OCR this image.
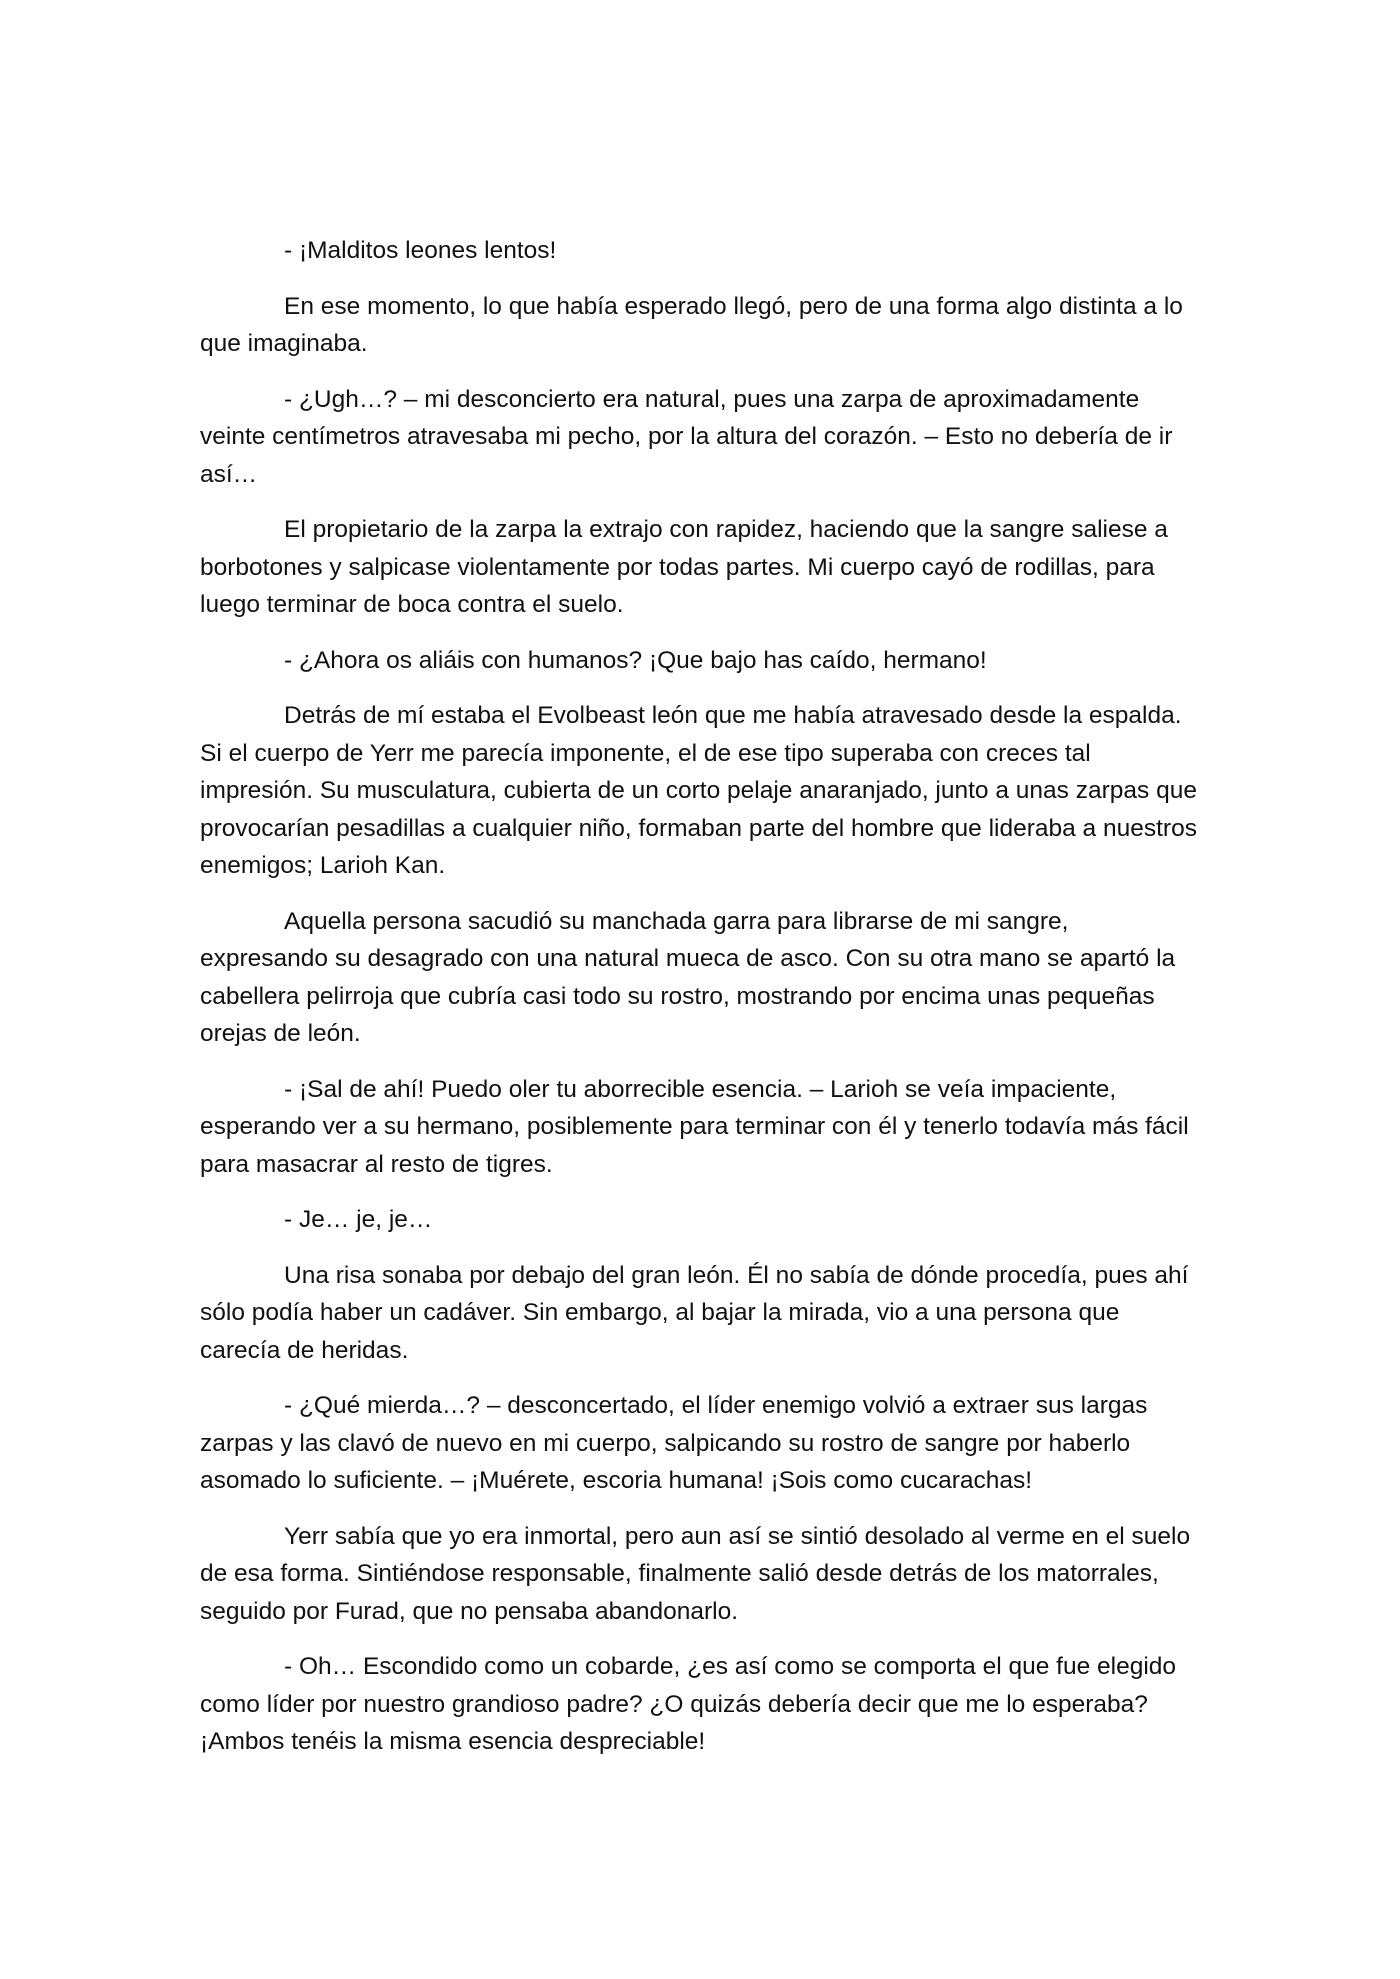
- ¡Malditos leones lentos!

En ese momento, lo que había esperado llegó, pero de una forma algo distinta a lo que imaginaba.

- ¿Ugh…? – mi desconcierto era natural, pues una zarpa de aproximadamente veinte centímetros atravesaba mi pecho, por la altura del corazón. – Esto no debería de ir así…

El propietario de la zarpa la extrajo con rapidez, haciendo que la sangre saliese a borbotones y salpicase violentamente por todas partes. Mi cuerpo cayó de rodillas, para luego terminar de boca contra el suelo.

- ¿Ahora os aliáis con humanos? ¡Que bajo has caído, hermano!

Detrás de mí estaba el Evolbeast león que me había atravesado desde la espalda. Si el cuerpo de Yerr me parecía imponente, el de ese tipo superaba con creces tal impresión. Su musculatura, cubierta de un corto pelaje anaranjado, junto a unas zarpas que provocarían pesadillas a cualquier niño, formaban parte del hombre que lideraba a nuestros enemigos; Larioh Kan.

Aquella persona sacudió su manchada garra para librarse de mi sangre, expresando su desagrado con una natural mueca de asco. Con su otra mano se apartó la cabellera pelirroja que cubría casi todo su rostro, mostrando por encima unas pequeñas orejas de león.

- ¡Sal de ahí! Puedo oler tu aborrecible esencia. – Larioh se veía impaciente, esperando ver a su hermano, posiblemente para terminar con él y tenerlo todavía más fácil para masacrar al resto de tigres.

- Je… je, je…

Una risa sonaba por debajo del gran león. Él no sabía de dónde procedía, pues ahí sólo podía haber un cadáver. Sin embargo, al bajar la mirada, vio a una persona que carecía de heridas.

- ¿Qué mierda…? – desconcertado, el líder enemigo volvió a extraer sus largas zarpas y las clavó de nuevo en mi cuerpo, salpicando su rostro de sangre por haberlo asomado lo suficiente. – ¡Muérete, escoria humana! ¡Sois como cucarachas!

Yerr sabía que yo era inmortal, pero aun así se sintió desolado al verme en el suelo de esa forma. Sintiéndose responsable, finalmente salió desde detrás de los matorrales, seguido por Furad, que no pensaba abandonarlo.

- Oh… Escondido como un cobarde, ¿es así como se comporta el que fue elegido como líder por nuestro grandioso padre? ¿O quizás debería decir que me lo esperaba? ¡Ambos tenéis la misma esencia despreciable!
